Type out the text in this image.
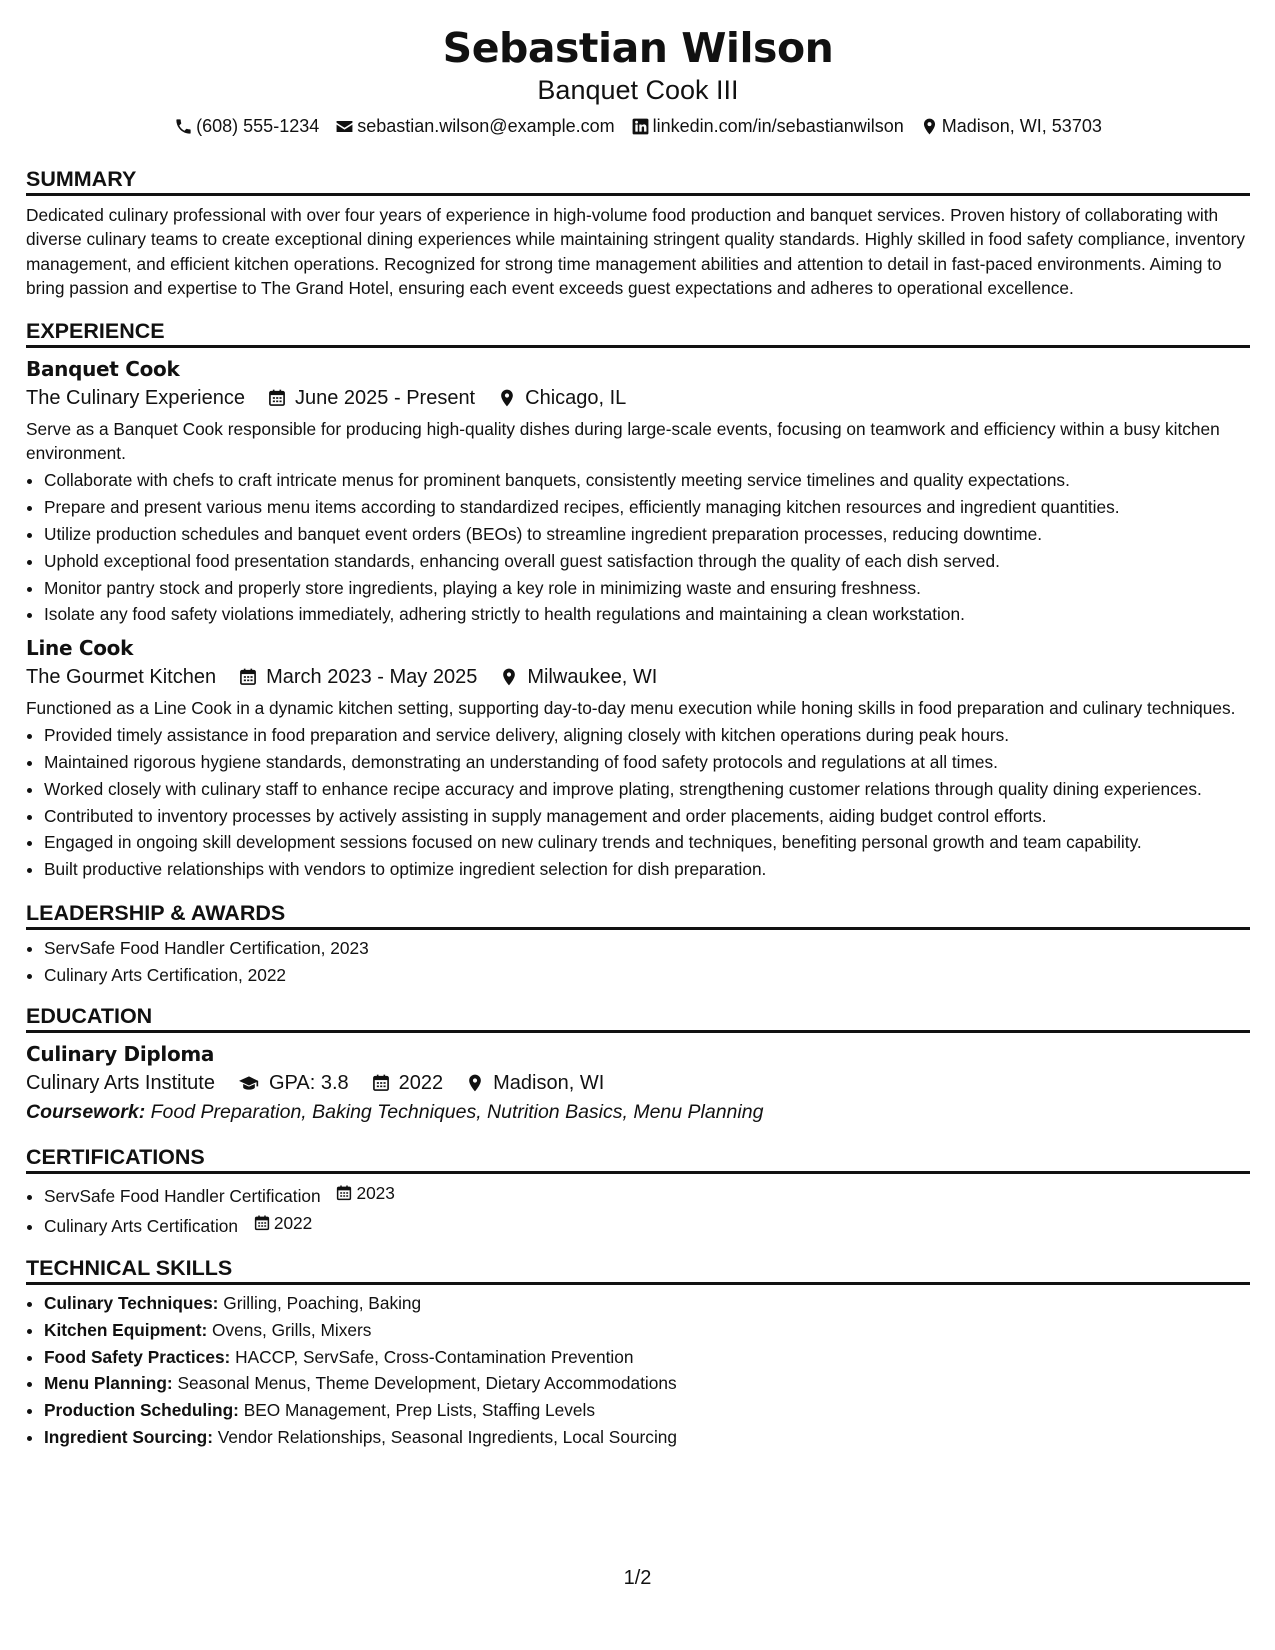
Sebastian Wilson
Banquet Cook III
(608) 555-1234 sebastian.wilson@example.com linkedin.com/in/sebastianwilson Madison, WI, 53703
SUMMARY
Dedicated culinary professional with over four years of experience in high-volume food production and banquet services. Proven history of collaborating with diverse culinary teams to create exceptional dining experiences while maintaining stringent quality standards. Highly skilled in food safety compliance, inventory management, and efficient kitchen operations. Recognized for strong time management abilities and attention to detail in fast-paced environments. Aiming to bring passion and expertise to The Grand Hotel, ensuring each event exceeds guest expectations and adheres to operational excellence.
EXPERIENCE
Banquet Cook
The Culinary Experience	June 2025 - Present	Chicago, IL
Serve as a Banquet Cook responsible for producing high-quality dishes during large-scale events, focusing on teamwork and efficiency within a busy kitchen environment.
• Collaborate with chefs to craft intricate menus for prominent banquets, consistently meeting service timelines and quality expectations.
• Prepare and present various menu items according to standardized recipes, efficiently managing kitchen resources and ingredient quantities.
• Utilize production schedules and banquet event orders (BEOs) to streamline ingredient preparation processes, reducing downtime.
• Uphold exceptional food presentation standards, enhancing overall guest satisfaction through the quality of each dish served.
• Monitor pantry stock and properly store ingredients, playing a key role in minimizing waste and ensuring freshness.
• Isolate any food safety violations immediately, adhering strictly to health regulations and maintaining a clean workstation.
Line Cook
The Gourmet Kitchen	March 2023 - May 2025	Milwaukee, WI
Functioned as a Line Cook in a dynamic kitchen setting, supporting day-to-day menu execution while honing skills in food preparation and culinary techniques.
• Provided timely assistance in food preparation and service delivery, aligning closely with kitchen operations during peak hours.
• Maintained rigorous hygiene standards, demonstrating an understanding of food safety protocols and regulations at all times.
• Worked closely with culinary staff to enhance recipe accuracy and improve plating, strengthening customer relations through quality dining experiences.
• Contributed to inventory processes by actively assisting in supply management and order placements, aiding budget control efforts.
• Engaged in ongoing skill development sessions focused on new culinary trends and techniques, benefiting personal growth and team capability.
• Built productive relationships with vendors to optimize ingredient selection for dish preparation.
LEADERSHIP & AWARDS
• ServSafe Food Handler Certification, 2023
• Culinary Arts Certification, 2022
EDUCATION
Culinary Diploma
Culinary Arts Institute	GPA: 3.8	2022	Madison, WI
Coursework: Food Preparation, Baking Techniques, Nutrition Basics, Menu Planning
CERTIFICATIONS
• ServSafe Food Handler Certification 2023
• Culinary Arts Certification 2022
TECHNICAL SKILLS
• Culinary Techniques: Grilling, Poaching, Baking
• Kitchen Equipment: Ovens, Grills, Mixers
• Food Safety Practices: HACCP, ServSafe, Cross-Contamination Prevention
• Menu Planning: Seasonal Menus, Theme Development, Dietary Accommodations
• Production Scheduling: BEO Management, Prep Lists, Staffing Levels
• Ingredient Sourcing: Vendor Relationships, Seasonal Ingredients, Local Sourcing
1/2
